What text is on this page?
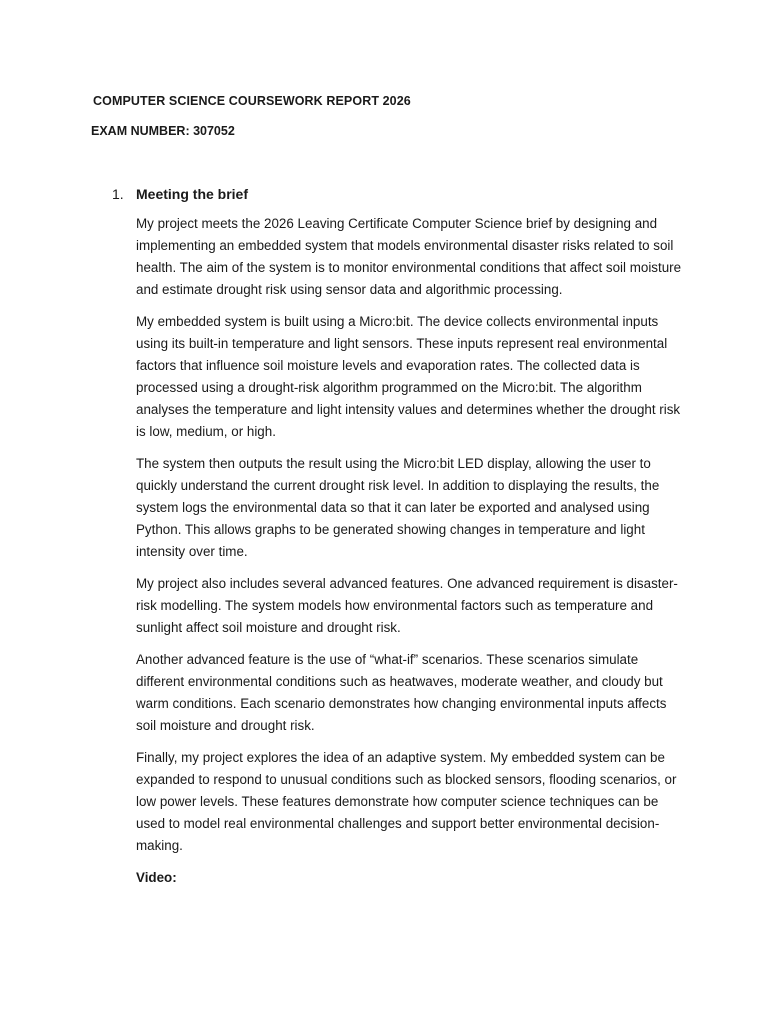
COMPUTER SCIENCE COURSEWORK REPORT 2026

EXAM NUMBER: 307052

1. Meeting the brief

My project meets the 2026 Leaving Certificate Computer Science brief by designing and implementing an embedded system that models environmental disaster risks related to soil health. The aim of the system is to monitor environmental conditions that affect soil moisture and estimate drought risk using sensor data and algorithmic processing.

My embedded system is built using a Micro:bit. The device collects environmental inputs using its built-in temperature and light sensors. These inputs represent real environmental factors that influence soil moisture levels and evaporation rates. The collected data is processed using a drought-risk algorithm programmed on the Micro:bit. The algorithm analyses the temperature and light intensity values and determines whether the drought risk is low, medium, or high.

The system then outputs the result using the Micro:bit LED display, allowing the user to quickly understand the current drought risk level. In addition to displaying the results, the system logs the environmental data so that it can later be exported and analysed using Python. This allows graphs to be generated showing changes in temperature and light intensity over time.

My project also includes several advanced features. One advanced requirement is disaster-risk modelling. The system models how environmental factors such as temperature and sunlight affect soil moisture and drought risk.

Another advanced feature is the use of “what-if” scenarios. These scenarios simulate different environmental conditions such as heatwaves, moderate weather, and cloudy but warm conditions. Each scenario demonstrates how changing environmental inputs affects soil moisture and drought risk.

Finally, my project explores the idea of an adaptive system. My embedded system can be expanded to respond to unusual conditions such as blocked sensors, flooding scenarios, or low power levels. These features demonstrate how computer science techniques can be used to model real environmental challenges and support better environmental decision-making.

Video:
